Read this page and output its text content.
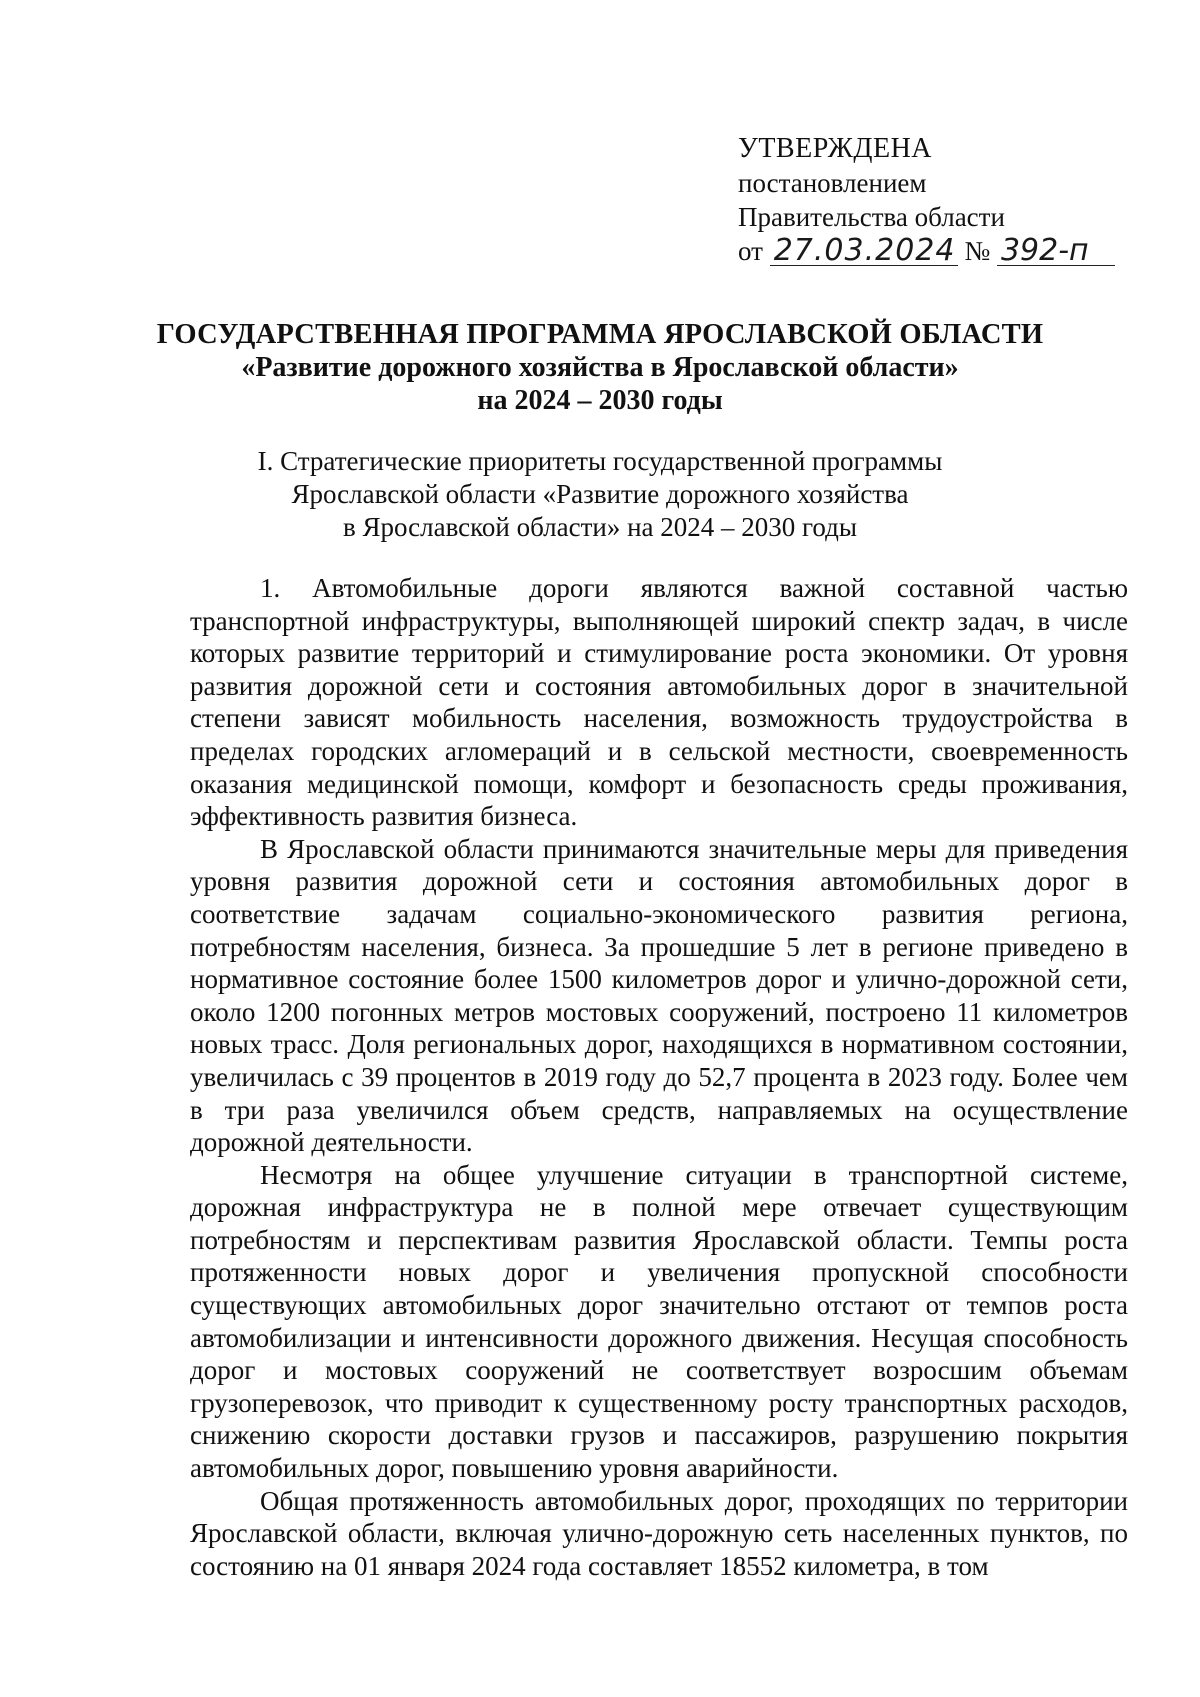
УТВЕРЖДЕНА
постановлением
Правительства области
от 27.03.2024 № 392-п
ГОСУДАРСТВЕННАЯ ПРОГРАММА ЯРОСЛАВСКОЙ ОБЛАСТИ
«Развитие дорожного хозяйства в Ярославской области»
на 2024 – 2030 годы
I. Стратегические приоритеты государственной программы
Ярославской области «Развитие дорожного хозяйства
в Ярославской области» на 2024 – 2030 годы

1. Автомобильные дороги являются важной составной частью транспортной инфраструктуры, выполняющей широкий спектр задач, в числе которых развитие территорий и стимулирование роста экономики. От уровня развития дорожной сети и состояния автомобильных дорог в значительной степени зависят мобильность населения, возможность трудоустройства в пределах городских агломераций и в сельской местности, своевременность оказания медицинской помощи, комфорт и безопасность среды проживания, эффективность развития бизнеса.

В Ярославской области принимаются значительные меры для приведения уровня развития дорожной сети и состояния автомобильных дорог в соответствие задачам социально-экономического развития региона, потребностям населения, бизнеса. За прошедшие 5 лет в регионе приведено в нормативное состояние более 1500 километров дорог и улично-дорожной сети, около 1200 погонных метров мостовых сооружений, построено 11 километров новых трасс. Доля региональных дорог, находящихся в нормативном состоянии, увеличилась с 39 процентов в 2019 году до 52,7 процента в 2023 году. Более чем в три раза увеличился объем средств, направляемых на осуществление дорожной деятельности.

Несмотря на общее улучшение ситуации в транспортной системе, дорожная инфраструктура не в полной мере отвечает существующим потребностям и перспективам развития Ярославской области. Темпы роста протяженности новых дорог и увеличения пропускной способности существующих автомобильных дорог значительно отстают от темпов роста автомобилизации и интенсивности дорожного движения. Несущая способность дорог и мостовых сооружений не соответствует возросшим объемам грузоперевозок, что приводит к существенному росту транспортных расходов, снижению скорости доставки грузов и пассажиров, разрушению покрытия автомобильных дорог, повышению уровня аварийности.

Общая протяженность автомобильных дорог, проходящих по территории Ярославской области, включая улично-дорожную сеть населенных пунктов, по состоянию на 01 января 2024 года составляет 18552 километра, в том
